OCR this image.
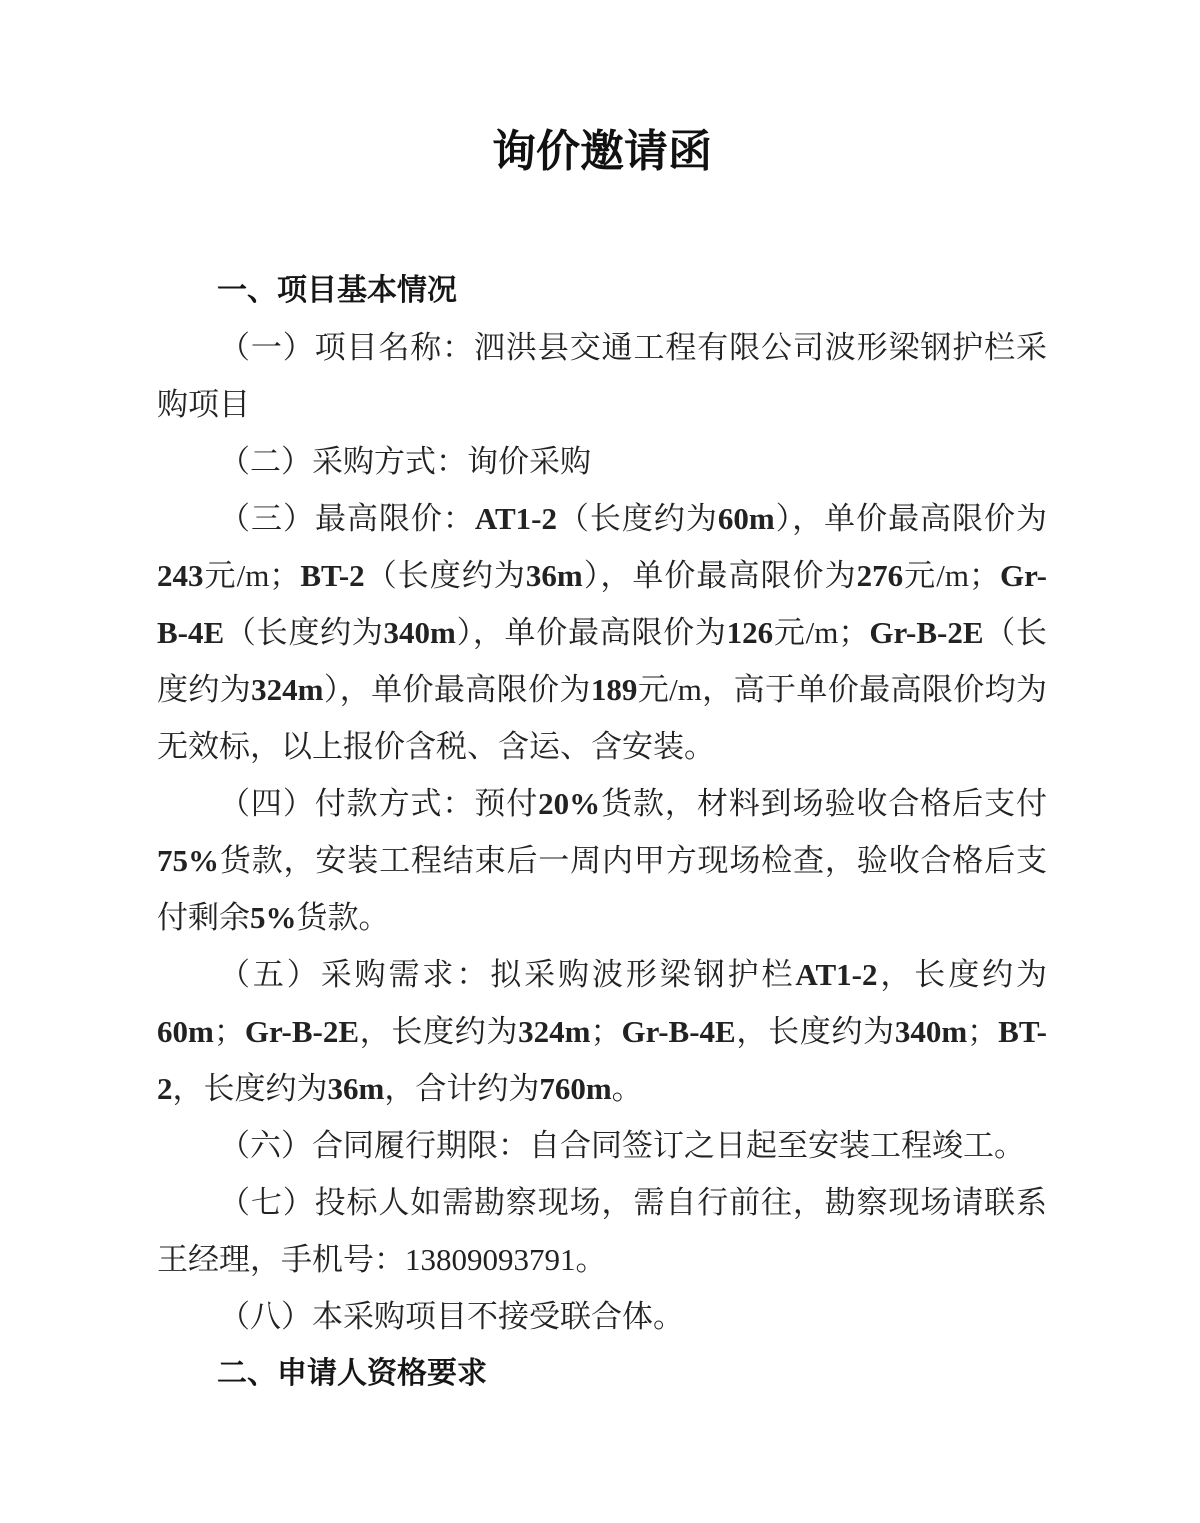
询价邀请函

一、项目基本情况

（一）项目名称：泗洪县交通工程有限公司波形梁钢护栏采购项目

（二）采购方式：询价采购

（三）最高限价：AT1-2（长度约为60m），单价最高限价为243元/m；BT-2（长度约为36m），单价最高限价为276元/m；Gr-B-4E（长度约为340m），单价最高限价为126元/m；Gr-B-2E（长度约为324m），单价最高限价为189元/m，高于单价最高限价均为无效标，以上报价含税、含运、含安装。

（四）付款方式：预付20%货款，材料到场验收合格后支付75%货款，安装工程结束后一周内甲方现场检查，验收合格后支付剩余5%货款。

（五）采购需求：拟采购波形梁钢护栏AT1-2，长度约为60m；Gr-B-2E，长度约为324m；Gr-B-4E，长度约为340m；BT-2，长度约为36m，合计约为760m。

（六）合同履行期限：自合同签订之日起至安装工程竣工。

（七）投标人如需勘察现场，需自行前往，勘察现场请联系王经理，手机号：13809093791。

（八）本采购项目不接受联合体。

二、申请人资格要求
